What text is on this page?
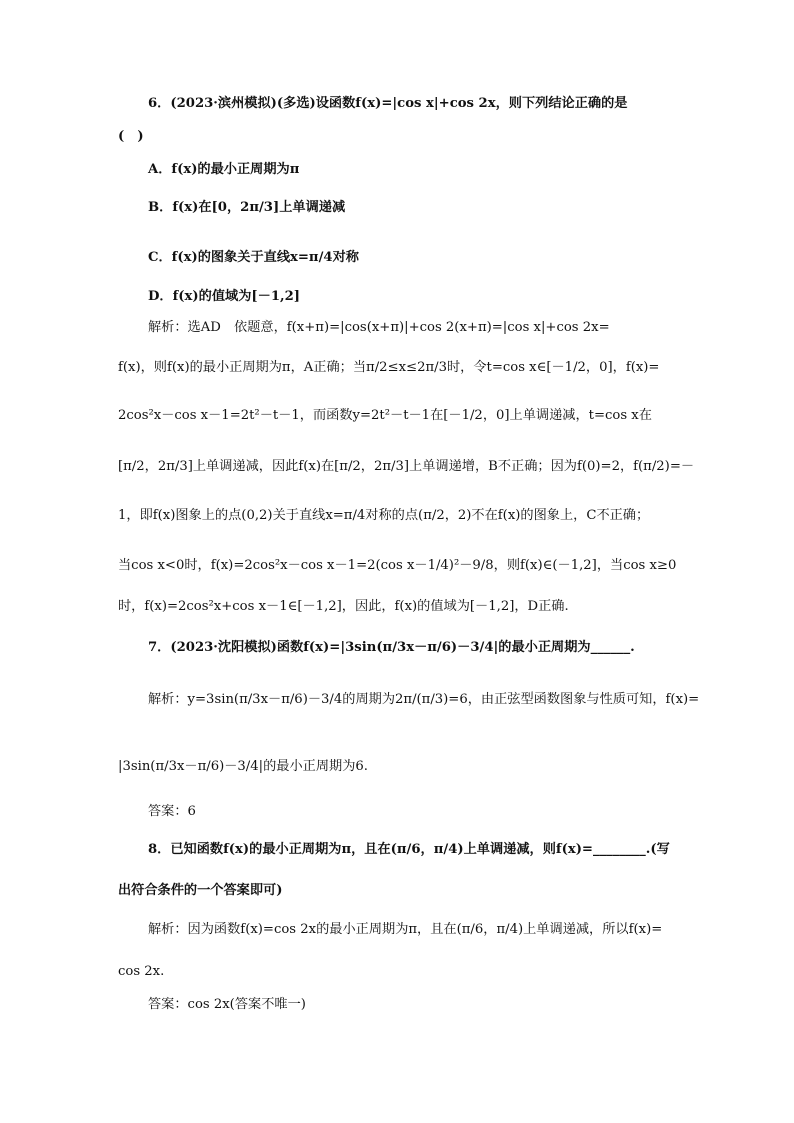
6．(2023·滨州模拟)(多选)设函数f(x)=|cos x|+cos 2x，则下列结论正确的是
(　)
A．f(x)的最小正周期为π
B．f(x)在[0，2π/3]上单调递减
C．f(x)的图象关于直线x=π/4对称
D．f(x)的值域为[－1,2]
解析：选AD　依题意，f(x+π)=|cos(x+π)|+cos 2(x+π)=|cos x|+cos 2x=
f(x)，则f(x)的最小正周期为π，A正确；当π/2≤x≤2π/3时，令t=cos x∈[－1/2，0]，f(x)=
2cos²x－cos x－1=2t²－t－1，而函数y=2t²－t－1在[－1/2，0]上单调递减，t=cos x在
[π/2，2π/3]上单调递减，因此f(x)在[π/2，2π/3]上单调递增，B不正确；因为f(0)=2，f(π/2)=－
1，即f(x)图象上的点(0,2)关于直线x=π/4对称的点(π/2，2)不在f(x)的图象上，C不正确；
当cos x<0时，f(x)=2cos²x－cos x－1=2(cos x－1/4)²－9/8，则f(x)∈(－1,2]，当cos x≥0
时，f(x)=2cos²x+cos x－1∈[－1,2]，因此，f(x)的值域为[－1,2]，D正确.
7．(2023·沈阳模拟)函数f(x)=|3sin(π/3x－π/6)－3/4|的最小正周期为______.
解析：y=3sin(π/3x－π/6)－3/4的周期为2π/(π/3)=6，由正弦型函数图象与性质可知，f(x)=
|3sin(π/3x－π/6)－3/4|的最小正周期为6.
答案：6
8．已知函数f(x)的最小正周期为π，且在(π/6，π/4)上单调递减，则f(x)=________.(写
出符合条件的一个答案即可)
解析：因为函数f(x)=cos 2x的最小正周期为π，且在(π/6，π/4)上单调递减，所以f(x)=
cos 2x.
答案：cos 2x(答案不唯一)
